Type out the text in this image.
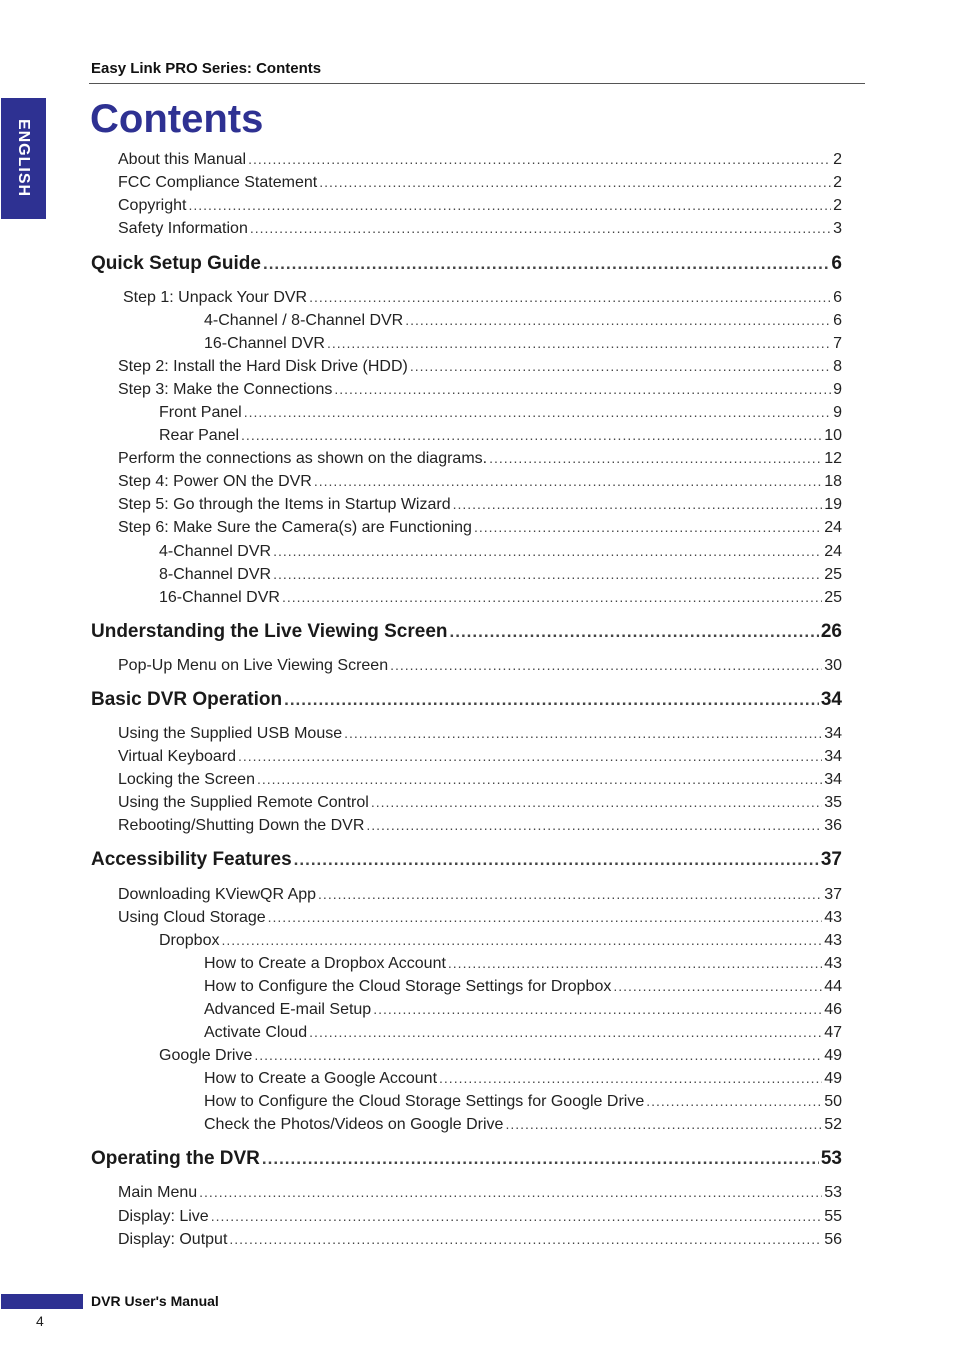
Easy Link PRO Series: Contents
ENGLISH Contents
About this Manual .....	2
FCC Compliance Statement .....	2
Copyright .....	2
Safety Information .....	3
Quick Setup Guide .....	6
Step 1: Unpack Your DVR .....	6
4-Channel / 8-Channel DVR .....	6
16-Channel DVR .....	7
Step 2: Install the Hard Disk Drive (HDD) .....	8
Step 3: Make the Connections .....	9
Front Panel .....	9
Rear Panel .....	10
Perform the connections as shown on the diagrams. .....	12
Step 4: Power ON the DVR .....	18
Step 5: Go through the Items in Startup Wizard .....	19
Step 6: Make Sure the Camera(s) are Functioning .....	24
4-Channel DVR .....	24
8-Channel DVR .....	25
16-Channel DVR .....	25
Understanding the Live Viewing Screen .....	26
Pop-Up Menu on Live Viewing Screen .....	30
Basic DVR Operation .....	34
Using the Supplied USB Mouse .....	34
Virtual Keyboard .....	34
Locking the Screen .....	34
Using the Supplied Remote Control .....	35
Rebooting/Shutting Down the DVR .....	36
Accessibility Features .....	37
Downloading KViewQR App .....	37
Using Cloud Storage .....	43
Dropbox .....	43
How to Create a Dropbox Account .....	43
How to Configure the Cloud Storage Settings for Dropbox .....	44
Advanced E-mail Setup .....	46
Activate Cloud .....	47
Google Drive .....	49
How to Create a Google Account .....	49
How to Configure the Cloud Storage Settings for Google Drive .....	50
Check the Photos/Videos on Google Drive .....	52
Operating the DVR .....	53
Main Menu .....	53
Display: Live .....	55
Display: Output .....	56
DVR User's Manual
4
